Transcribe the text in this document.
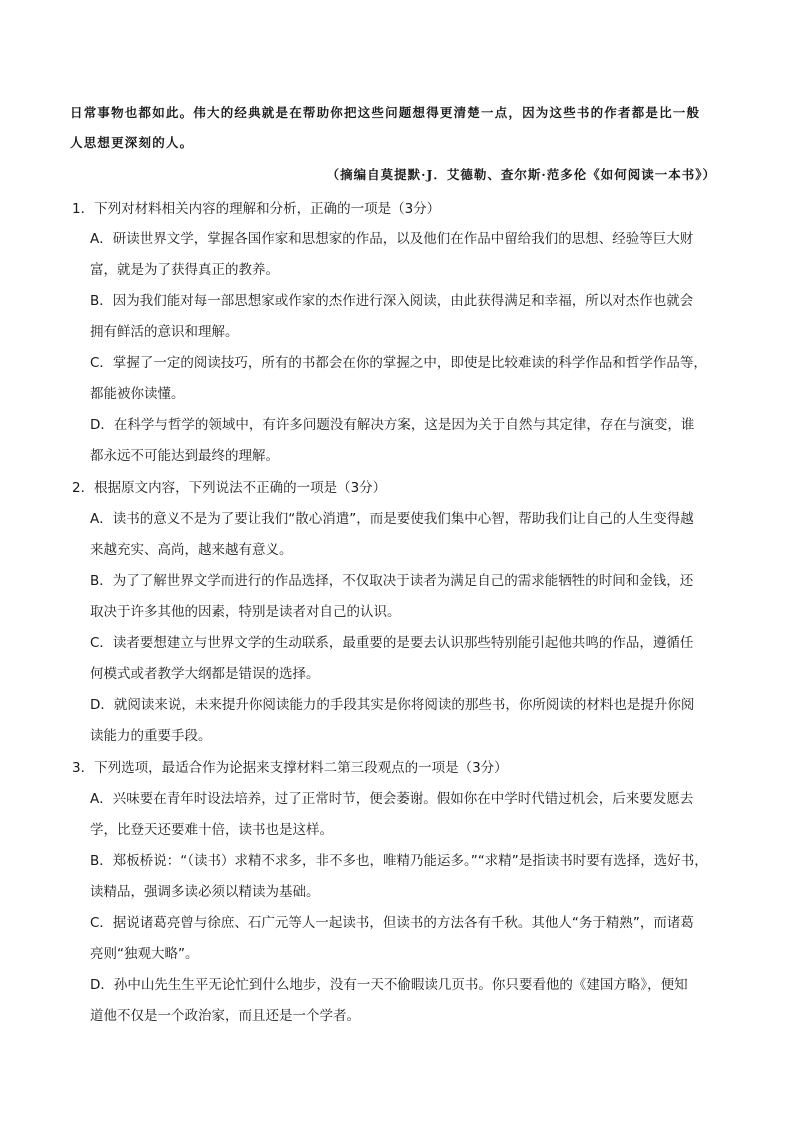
日常事物也都如此。伟大的经典就是在帮助你把这些问题想得更清楚一点，因为这些书的作者都是比一般
人思想更深刻的人。
（摘编自莫提默·J．艾德勒、查尔斯·范多伦《如何阅读一本书》）
1．下列对材料相关内容的理解和分析，正确的一项是（3分）
A．研读世界文学，掌握各国作家和思想家的作品，以及他们在作品中留给我们的思想、经验等巨大财
富，就是为了获得真正的教养。
B．因为我们能对每一部思想家或作家的杰作进行深入阅读，由此获得满足和幸福，所以对杰作也就会
拥有鲜活的意识和理解。
C．掌握了一定的阅读技巧，所有的书都会在你的掌握之中，即使是比较难读的科学作品和哲学作品等，
都能被你读懂。
D．在科学与哲学的领域中，有许多问题没有解决方案，这是因为关于自然与其定律，存在与演变，谁
都永远不可能达到最终的理解。
2．根据原文内容，下列说法不正确的一项是（3分）
A．读书的意义不是为了要让我们“散心消遣”，而是要使我们集中心智，帮助我们让自己的人生变得越
来越充实、高尚，越来越有意义。
B．为了了解世界文学而进行的作品选择，不仅取决于读者为满足自己的需求能牺牲的时间和金钱，还
取决于许多其他的因素，特别是读者对自己的认识。
C．读者要想建立与世界文学的生动联系，最重要的是要去认识那些特别能引起他共鸣的作品，遵循任
何模式或者教学大纲都是错误的选择。
D．就阅读来说，未来提升你阅读能力的手段其实是你将阅读的那些书，你所阅读的材料也是提升你阅
读能力的重要手段。
3．下列选项，最适合作为论据来支撑材料二第三段观点的一项是（3分）
A．兴味要在青年时设法培养，过了正常时节，便会萎谢。假如你在中学时代错过机会，后来要发愿去
学，比登天还要难十倍，读书也是这样。
B．郑板桥说：“（读书）求精不求多，非不多也，唯精乃能运多。”“求精”是指读书时要有选择，选好书，
读精品，强调多读必须以精读为基础。
C．据说诸葛亮曾与徐庶、石广元等人一起读书，但读书的方法各有千秋。其他人“务于精熟”，而诸葛
亮则“独观大略”。
D．孙中山先生生平无论忙到什么地步，没有一天不偷暇读几页书。你只要看他的《建国方略》，便知
道他不仅是一个政治家，而且还是一个学者。
